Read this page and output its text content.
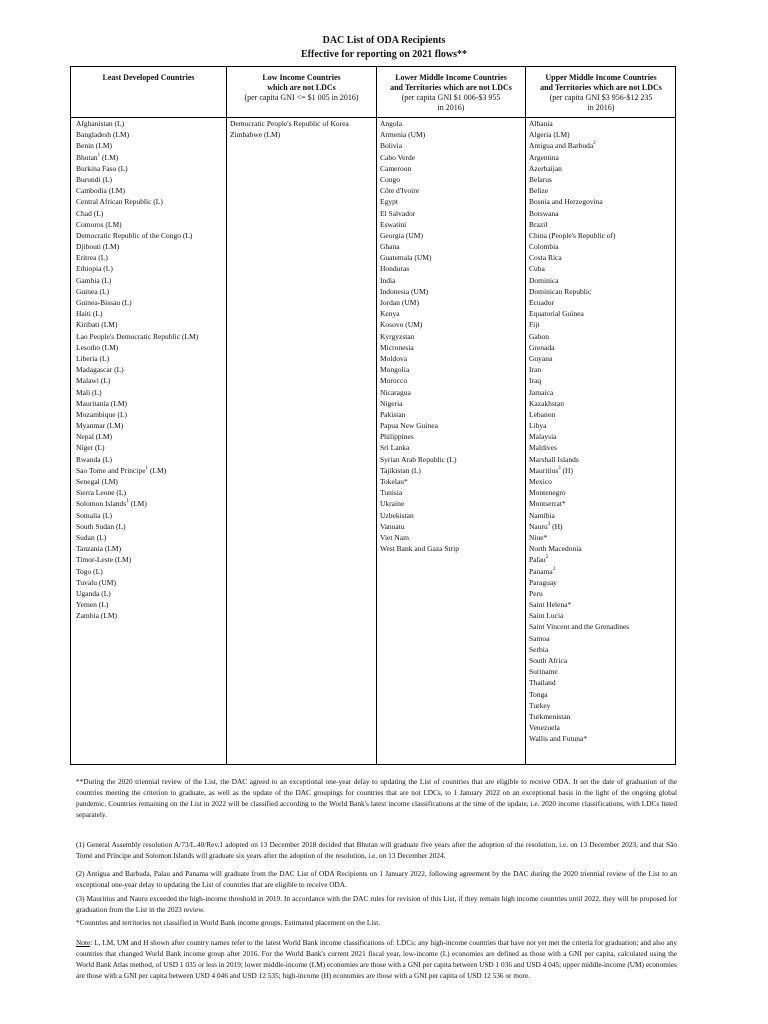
DAC List of ODA Recipients
Effective for reporting on 2021 flows**
Least Developed Countries	Low Income Countries
which are not LDCs
(per capita GNI <= $1 005 in 2016)
Lower Middle Income Countries
and Territories which are not LDCs
(per capita GNI $1 006-$3 955
in 2016)
Upper Middle Income Countries
and Territories which are not LDCs
(per capita GNI $3 956-$12 235
in 2016)
Afghanistan (L)
Bangladesh (LM)
Benin (LM)
Bhutan$^1$ (LM)
Burkina Faso (L)
Burundi (L)
Cambodia (LM)
Central African Republic (L)
Chad (L)
Comoros (LM)
Democratic Republic of the Congo (L)
Djibouti (LM)
Eritrea (L)
Ethiopia (L)
Gambia (L)
Guinea (L)
Guinea-Bissau (L)
Haiti (L)
Kiribati (LM)
Lao People's Democratic Republic (LM)
Lesotho (LM)
Liberia (L)
Madagascar (L)
Malawi (L)
Mali (L)
Mauritania (LM)
Mozambique (L)
Myanmar (LM)
Nepal (LM)
Niger (L)
Rwanda (L)
Sao Tome and Principe$^1$ (LM)
Senegal (LM)
Sierra Leone (L)
Solomon Islands$^1$ (LM)
Somalia (L)
South Sudan (L)
Sudan (L)
Tanzania (LM)
Timor-Leste (LM)
Togo (L)
Tuvalu (UM)
Uganda (L)
Yemen (L)
Zambia (LM)
Democratic People's Republic of Korea
Zimbabwe (LM)
Angola
Armenia (UM)
Bolivia
Cabo Verde
Cameroon
Congo
Côte d'Ivoire
Egypt
El Salvador
Eswatini
Georgia (UM)
Ghana
Guatemala (UM)
Honduras
India
Indonesia (UM)
Jordan (UM)
Kenya
Kosovo (UM)
Kyrgyzstan
Micronesia
Moldova
Mongolia
Morocco
Nicaragua
Nigeria
Pakistan
Papua New Guinea
Philippines
Sri Lanka
Syrian Arab Republic (L)
Tajikistan (L)
Tokelau*
Tunisia
Ukraine
Uzbekistan
Vanuatu
Viet Nam
West Bank and Gaza Strip
Albania
Algeria (LM)
Antigua and Barbuda$^2$
Argentina
Azerbaijan
Belarus
Belize
Bosnia and Herzegovina
Botswana
Brazil
China (People's Republic of)
Colombia
Costa Rica
Cuba
Dominica
Dominican Republic
Ecuador
Equatorial Guinea
Fiji
Gabon
Grenada
Guyana
Iran
Iraq
Jamaica
Kazakhstan
Lebanon
Libya
Malaysia
Maldives
Marshall Islands
Mauritius$^3$ (H)
Mexico
Montenegro
Montserrat*
Namibia
Nauru$^3$ (H)
Niue*
North Macedonia
Palau$^2$
Panama$^2$
Paraguay
Peru
Saint Helena*
Saint Lucia
Saint Vincent and the Grenadines
Samoa
Serbia
South Africa
Suriname
Thailand
Tonga
Turkey
Turkmenistan
Venezuela
Wallis and Futuna*

**During the 2020 triennial review of the List, the DAC agreed to an exceptional one-year delay to updating the List of countries that are eligible to receive ODA. It set the date of graduation of the countries meeting the criterion to graduate, as well as the update of the DAC groupings for countries that are not LDCs, to 1 January 2022 on an exceptional basis in the light of the ongoing global pandemic. Countries remaining on the List in 2022 will be classified according to the World Bank's latest income classifications at the time of the update, i.e. 2020 income classifications, with LDCs listed separately.

(1) General Assembly resolution A/73/L.40/Rev.1 adopted on 13 December 2018 decided that Bhutan will graduate five years after the adoption of the resolution, i.e. on 13 December 2023, and that São Tomé and Príncipe and Solomon Islands will graduate six years after the adoption of the resolution, i.e. on 13 December 2024.

(2) Antigua and Barbuda, Palau and Panama will graduate from the DAC List of ODA Recipients on 1 January 2022, following agreement by the DAC during the 2020 triennial review of the List to an exceptional one-year delay to updating the List of countries that are eligible to receive ODA.

(3) Mauritius and Nauru exceeded the high-income threshold in 2019. In accordance with the DAC rules for revision of this List, if they remain high income countries until 2022, they will be proposed for graduation from the List in the 2023 review.

*Countries and territories not classified in World Bank income groups. Estimated placement on the List.

Note: L, LM, UM and H shown after country names refer to the latest World Bank income classifications of: LDCs; any high-income countries that have not yet met the criteria for graduation; and also any countries that changed World Bank income group after 2016. For the World Bank's current 2021 fiscal year, low-income (L) economies are defined as those with a GNI per capita, calculated using the World Bank Atlas method, of USD 1 035 or less in 2019; lower middle-income (LM) economies are those with a GNI per capita between USD 1 036 and USD 4 045; upper middle-income (UM) economies are those with a GNI per capita between USD 4 046 and USD 12 535; high-income (H) economies are those with a GNI per capita of USD 12 536 or more.
